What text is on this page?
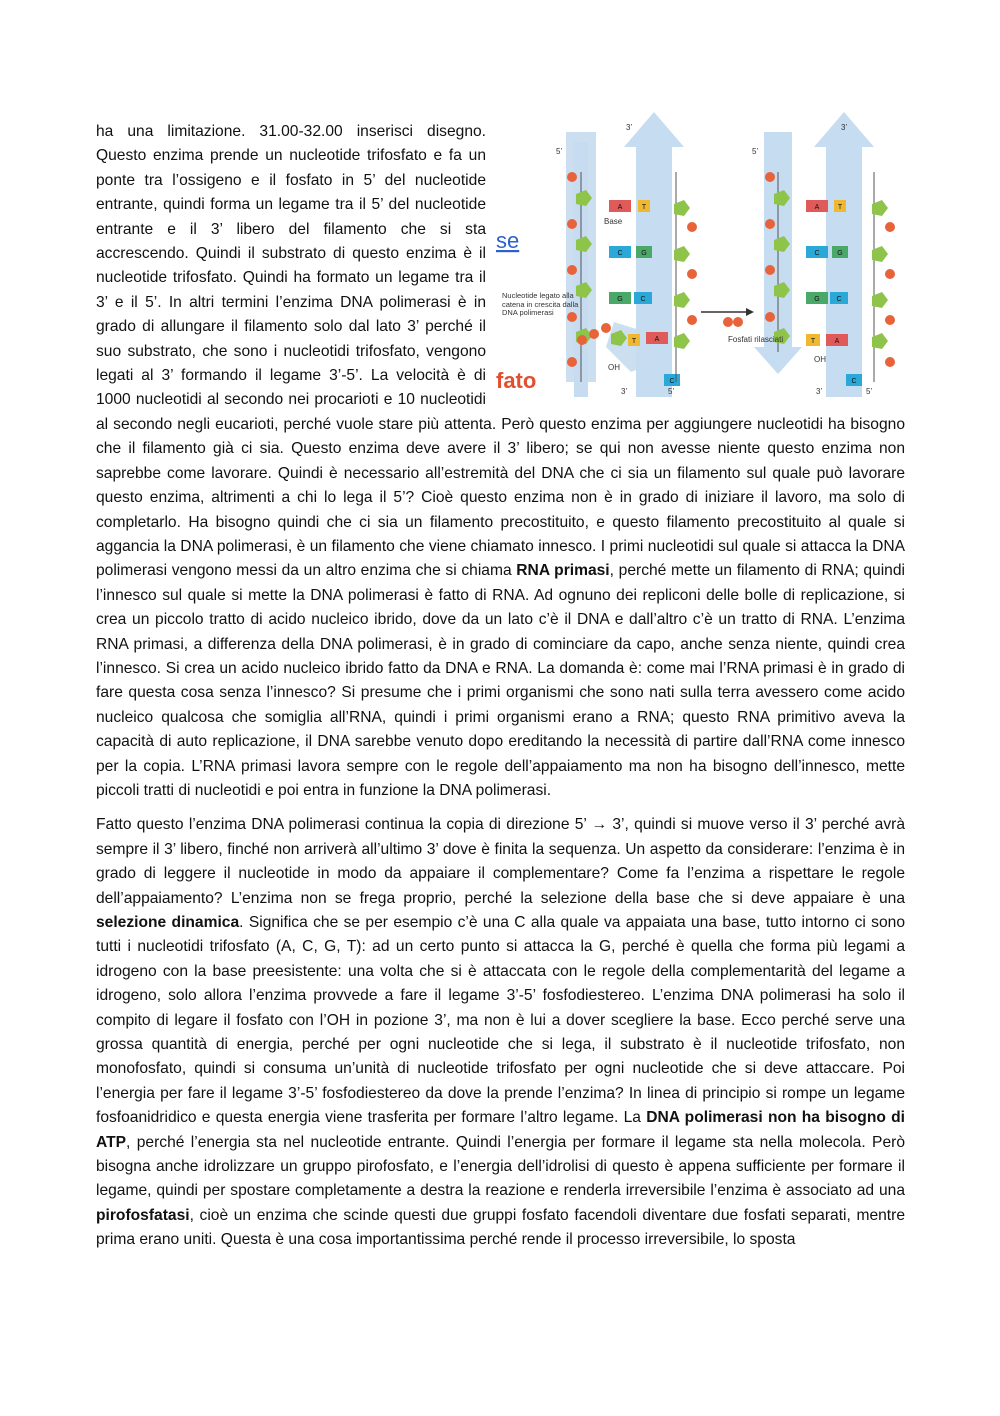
5’
3’
5’
3’
Base
Fosfati rilasciati
OH
OH
3’	5’	3’	5’
Nucleotide legato alla catena in crescita dalla DNA polimerasi
se
fato
A	T
C	G
G	C
T	A
C
A	T
C	G
G C
T	A
C

ha una limitazione. 31.00-32.00 inserisci disegno. Questo enzima prende un nucleotide trifosfato e fa un ponte tra l’ossigeno e il fosfato in 5’ del nucleotide entrante, quindi forma un legame tra il 5’ del nucleotide entrante e il 3’ libero del filamento che si sta accrescendo. Quindi il substrato di questo enzima è il nucleotide trifosfato. Quindi ha formato un legame tra il 3’ e il 5’. In altri termini l’enzima DNA polimerasi è in grado di allungare il filamento solo dal lato 3’ perché il suo substrato, che sono i nucleotidi trifosfato, vengono legati al 3’ formando il legame 3’-5’. La velocità è di 1000 nucleotidi al secondo nei procarioti e 10 nucleotidi al secondo negli eucarioti, perché vuole stare più attenta. Però questo enzima per aggiungere nucleotidi ha bisogno che il filamento già ci sia. Questo enzima deve avere il 3’ libero; se qui non avesse niente questo enzima non saprebbe come lavorare. Quindi è necessario all’estremità del DNA che ci sia un filamento sul quale può lavorare questo enzima, altrimenti a chi lo lega il 5’? Cioè questo enzima non è in grado di iniziare il lavoro, ma solo di completarlo. Ha bisogno quindi che ci sia un filamento precostituito, e questo filamento precostituito al quale si aggancia la DNA polimerasi, è un filamento che viene chiamato innesco. I primi nucleotidi sul quale si attacca la DNA polimerasi vengono messi da un altro enzima che si chiama RNA primasi, perché mette un filamento di RNA; quindi l’innesco sul quale si mette la DNA polimerasi è fatto di RNA. Ad ognuno dei repliconi delle bolle di replicazione, si crea un piccolo tratto di acido nucleico ibrido, dove da un lato c’è il DNA e dall’altro c’è un tratto di RNA. L’enzima RNA primasi, a differenza della DNA polimerasi, è in grado di cominciare da capo, anche senza niente, quindi crea l’innesco. Si crea un acido nucleico ibrido fatto da DNA e RNA. La domanda è: come mai l’RNA primasi è in grado di fare questa cosa senza l’innesco? Si presume che i primi organismi che sono nati sulla terra avessero come acido nucleico qualcosa che somiglia all’RNA, quindi i primi organismi erano a RNA; questo RNA primitivo aveva la capacità di auto replicazione, il DNA sarebbe venuto dopo ereditando la necessità di partire dall’RNA come innesco per la copia. L’RNA primasi lavora sempre con le regole dell’appaiamento ma non ha bisogno dell’innesco, mette piccoli tratti di nucleotidi e poi entra in funzione la DNA polimerasi.

Fatto questo l’enzima DNA polimerasi continua la copia di direzione 5’ → 3’, quindi si muove verso il 3’ perché avrà sempre il 3’ libero, finché non arriverà all’ultimo 3’ dove è finita la sequenza. Un aspetto da considerare: l’enzima è in grado di leggere il nucleotide in modo da appaiare il complementare? Come fa l’enzima a rispettare le regole dell’appaiamento? L’enzima non se frega proprio, perché la selezione della base che si deve appaiare è una selezione dinamica. Significa che se per esempio c’è una C alla quale va appaiata una base, tutto intorno ci sono tutti i nucleotidi trifosfato (A, C, G, T): ad un certo punto si attacca la G, perché è quella che forma più legami a idrogeno con la base preesistente: una volta che si è attaccata con le regole della complementarità del legame a idrogeno, solo allora l’enzima provvede a fare il legame 3’-5’ fosfodiestereo. L’enzima DNA polimerasi ha solo il compito di legare il fosfato con l’OH in pozione 3’, ma non è lui a dover scegliere la base. Ecco perché serve una grossa quantità di energia, perché per ogni nucleotide che si lega, il substrato è il nucleotide trifosfato, non monofosfato, quindi si consuma un’unità di nucleotide trifosfato per ogni nucleotide che si deve attaccare. Poi l’energia per fare il legame 3’-5’ fosfodiestereo da dove la prende l’enzima? In linea di principio si rompe un legame fosfoanidridico e questa energia viene trasferita per formare l’altro legame. La DNA polimerasi non ha bisogno di ATP, perché l’energia sta nel nucleotide entrante. Quindi l’energia per formare il legame sta nella molecola. Però bisogna anche idrolizzare un gruppo pirofosfato, e l’energia dell’idrolisi di questo è appena sufficiente per formare il legame, quindi per spostare completamente a destra la reazione e renderla irreversibile l’enzima è associato ad una pirofosfatasi, cioè un enzima che scinde questi due gruppi fosfato facendoli diventare due fosfati separati, mentre prima erano uniti. Questa è una cosa importantissima perché rende il processo irreversibile, lo sposta
